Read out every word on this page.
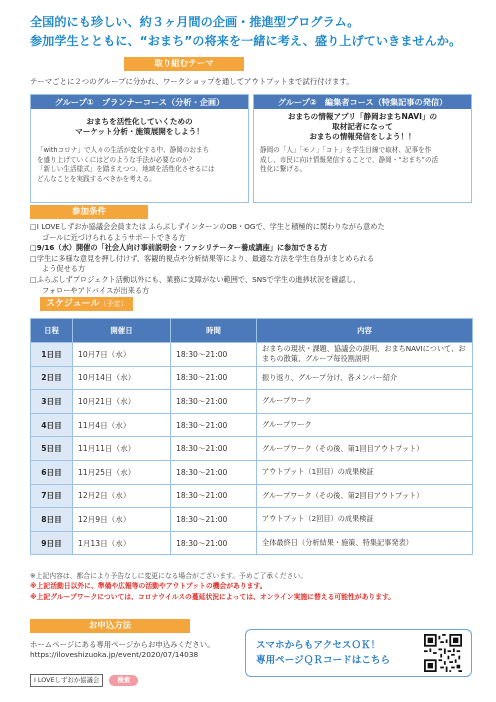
全国的にも珍しい、約３ヶ月間の企画・推進型プログラム。
参加学生とともに、“おまち”の将来を一緒に考え、盛り上げていきませんか。
取り組むテーマ
テーマごとに２つのグループに分かれ、ワークショップを通してアウトプットまで試行付けます。
グループ①　プランナーコース（分析・企画）
おまちを活性化していくための
マーケット分析・施策展開をしよう！
「withコロナ」で人々の生活が変化する中、静岡のおまち
を盛り上げていくにはどのような手法が必要なのか？
「新しい生活様式」を踏まえつつ、地域を活性化させるには
どんなことを実践するべきかを考える。
グループ②　編集者コース（特集記事の発信）
おまちの情報アプリ「静岡おまちNAVI」の
取材記者になって
おまちの情報発信をしよう！！
静岡の「人」「モノ」「コト」を学生目線で取材、記事を作
成し、市民に向け情報発信することで、静岡・“おまち”の活
性化に繋げる。
参加条件
□I LOVEしずおか協議会会員または ふらぶしずインターンのOB・OGで、学生と積極的に関わりながら意めた
ゴールに近づけられるようサポートできる方
□9/16（水）開催の「社会人向け事前説明会・ファシリテーター養成講座」に参加できる方
□学生に多様な意見を押し付けず、客観的視点や分析結果等により、最適な方法を学生自身がまとめられる
よう促せる方
□ふらぶしずプロジェクト活動以外にも、業務に支障がない範囲で、SNSで学生の進捗状況を確認し、
フォローやアドバイスが出来る方
スケジュール（予定）
日程	開催日	時間	内容
1日目	10月7日（水）	18:30～21:00	おまちの現状・課題、協議会の説明、おまちNAVIについて、おまちの散策、グループ毎役割説明
2日目	10月14日（水）	18:30～21:00	振り返り、グループ分け、各メンバー紹介
3日目	10月21日（水）	18:30～21:00	グループワーク
4日目	11月4日（水）	18:30～21:00	グループワーク
5日目	11月11日（水）	18:30～21:00	グループワーク（その後、第1回目アウトプット）
6日目	11月25日（水）	18:30～21:00	アウトプット（1回目）の成果検証
7日目	12月2日（水）	18:30～21:00	グループワーク（その後、第2回目アウトプット）
8日目	12月9日（水）	18:30～21:00	アウトプット（2回目）の成果検証
9日目	1月13日（水）	18:30～21:00	全体最終日（分析結果・施策、特集記事発表）
※上記内容は、都合により予告なしに変更になる場合がございます。予めご了承ください。
※上記活動日以外に、準備や広報等の活動やアウトプットの機会があります。
※上記グループワークについては、コロナウイルスの蔓延状況によっては、オンライン実施に替える可能性があります。
お申込方法
ホームページにある専用ページからお申込みください。
https://iloveshizuoka.jp/event/2020/07/14038
I LOVEしずおか協議会	検索
スマホからもアクセスＯＫ！
専用ページＱＲコードはこちら
